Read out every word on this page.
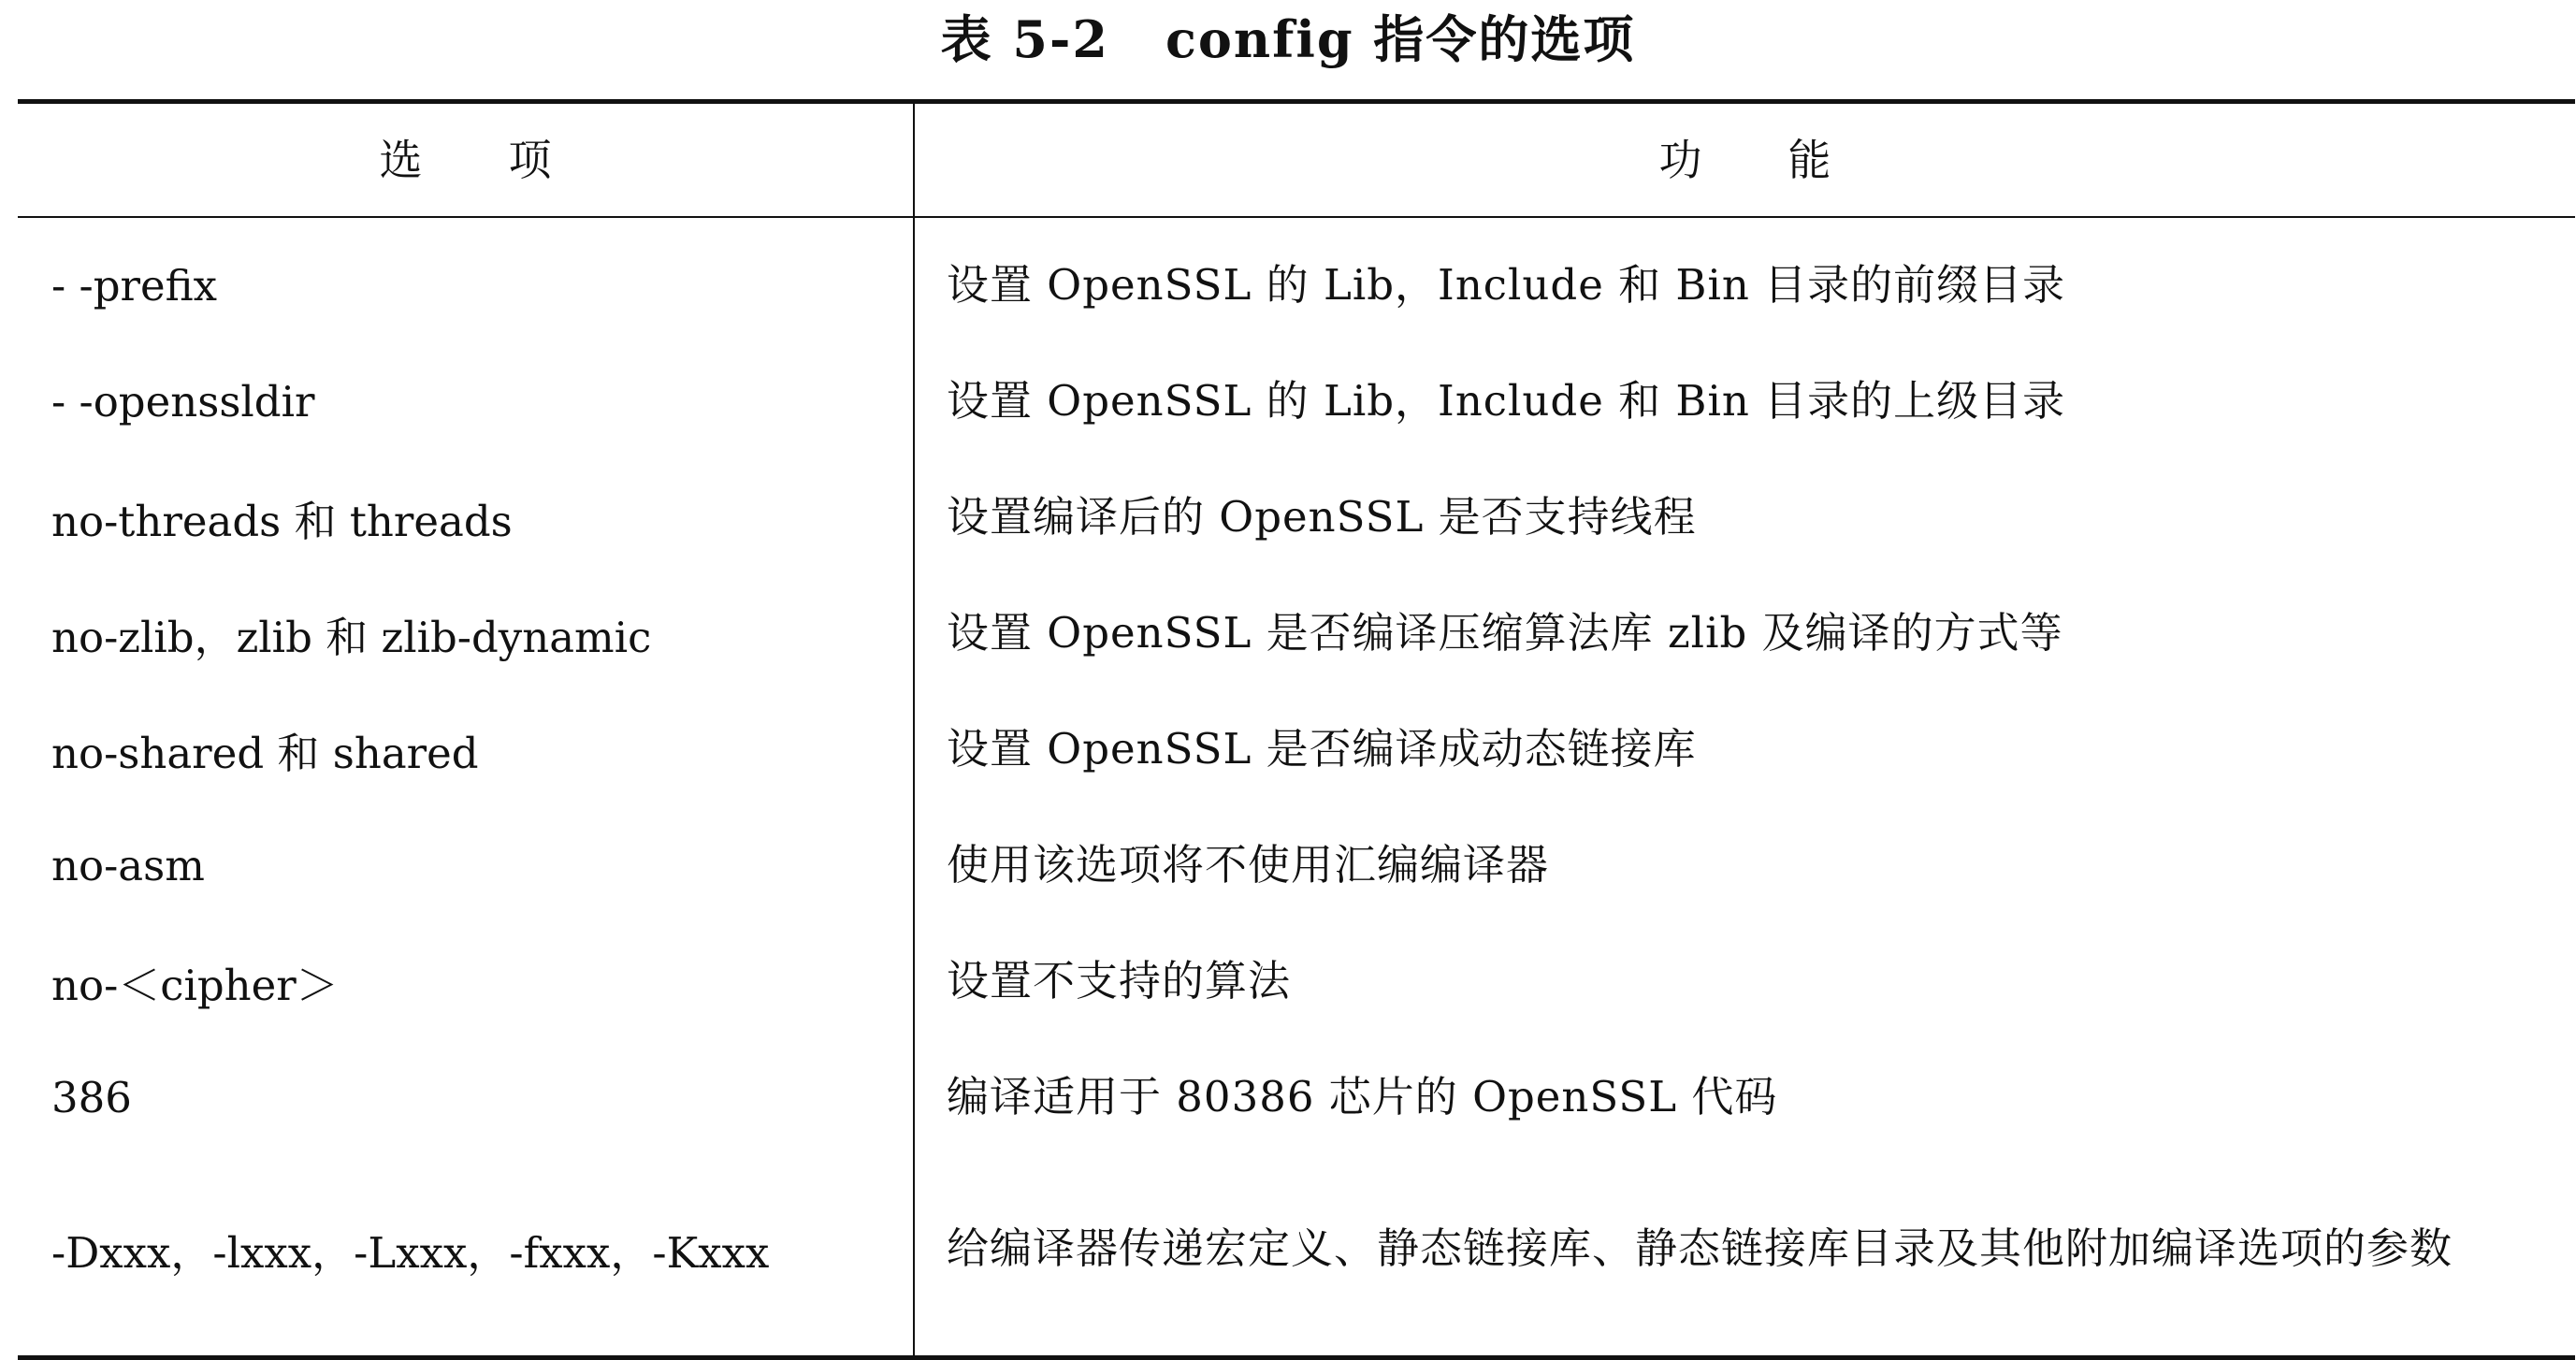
表 5-2 config 指令的选项
选　　项	功　　能
- -prefix	设置 OpenSSL 的 Lib，Include 和 Bin 目录的前缀目录
- -openssldir	设置 OpenSSL 的 Lib，Include 和 Bin 目录的上级目录
no-threads 和 threads	设置编译后的 OpenSSL 是否支持线程
no-zlib，zlib 和 zlib-dynamic	设置 OpenSSL 是否编译压缩算法库 zlib 及编译的方式等
no-shared 和 shared	设置 OpenSSL 是否编译成动态链接库
no-asm	使用该选项将不使用汇编编译器
no-＜cipher＞	设置不支持的算法
386	编译适用于 80386 芯片的 OpenSSL 代码
-Dxxx，-lxxx，-Lxxx，-fxxx，-Kxxx	给编译器传递宏定义、静态链接库、静态链接库目录及其他附加编译选项的参数
